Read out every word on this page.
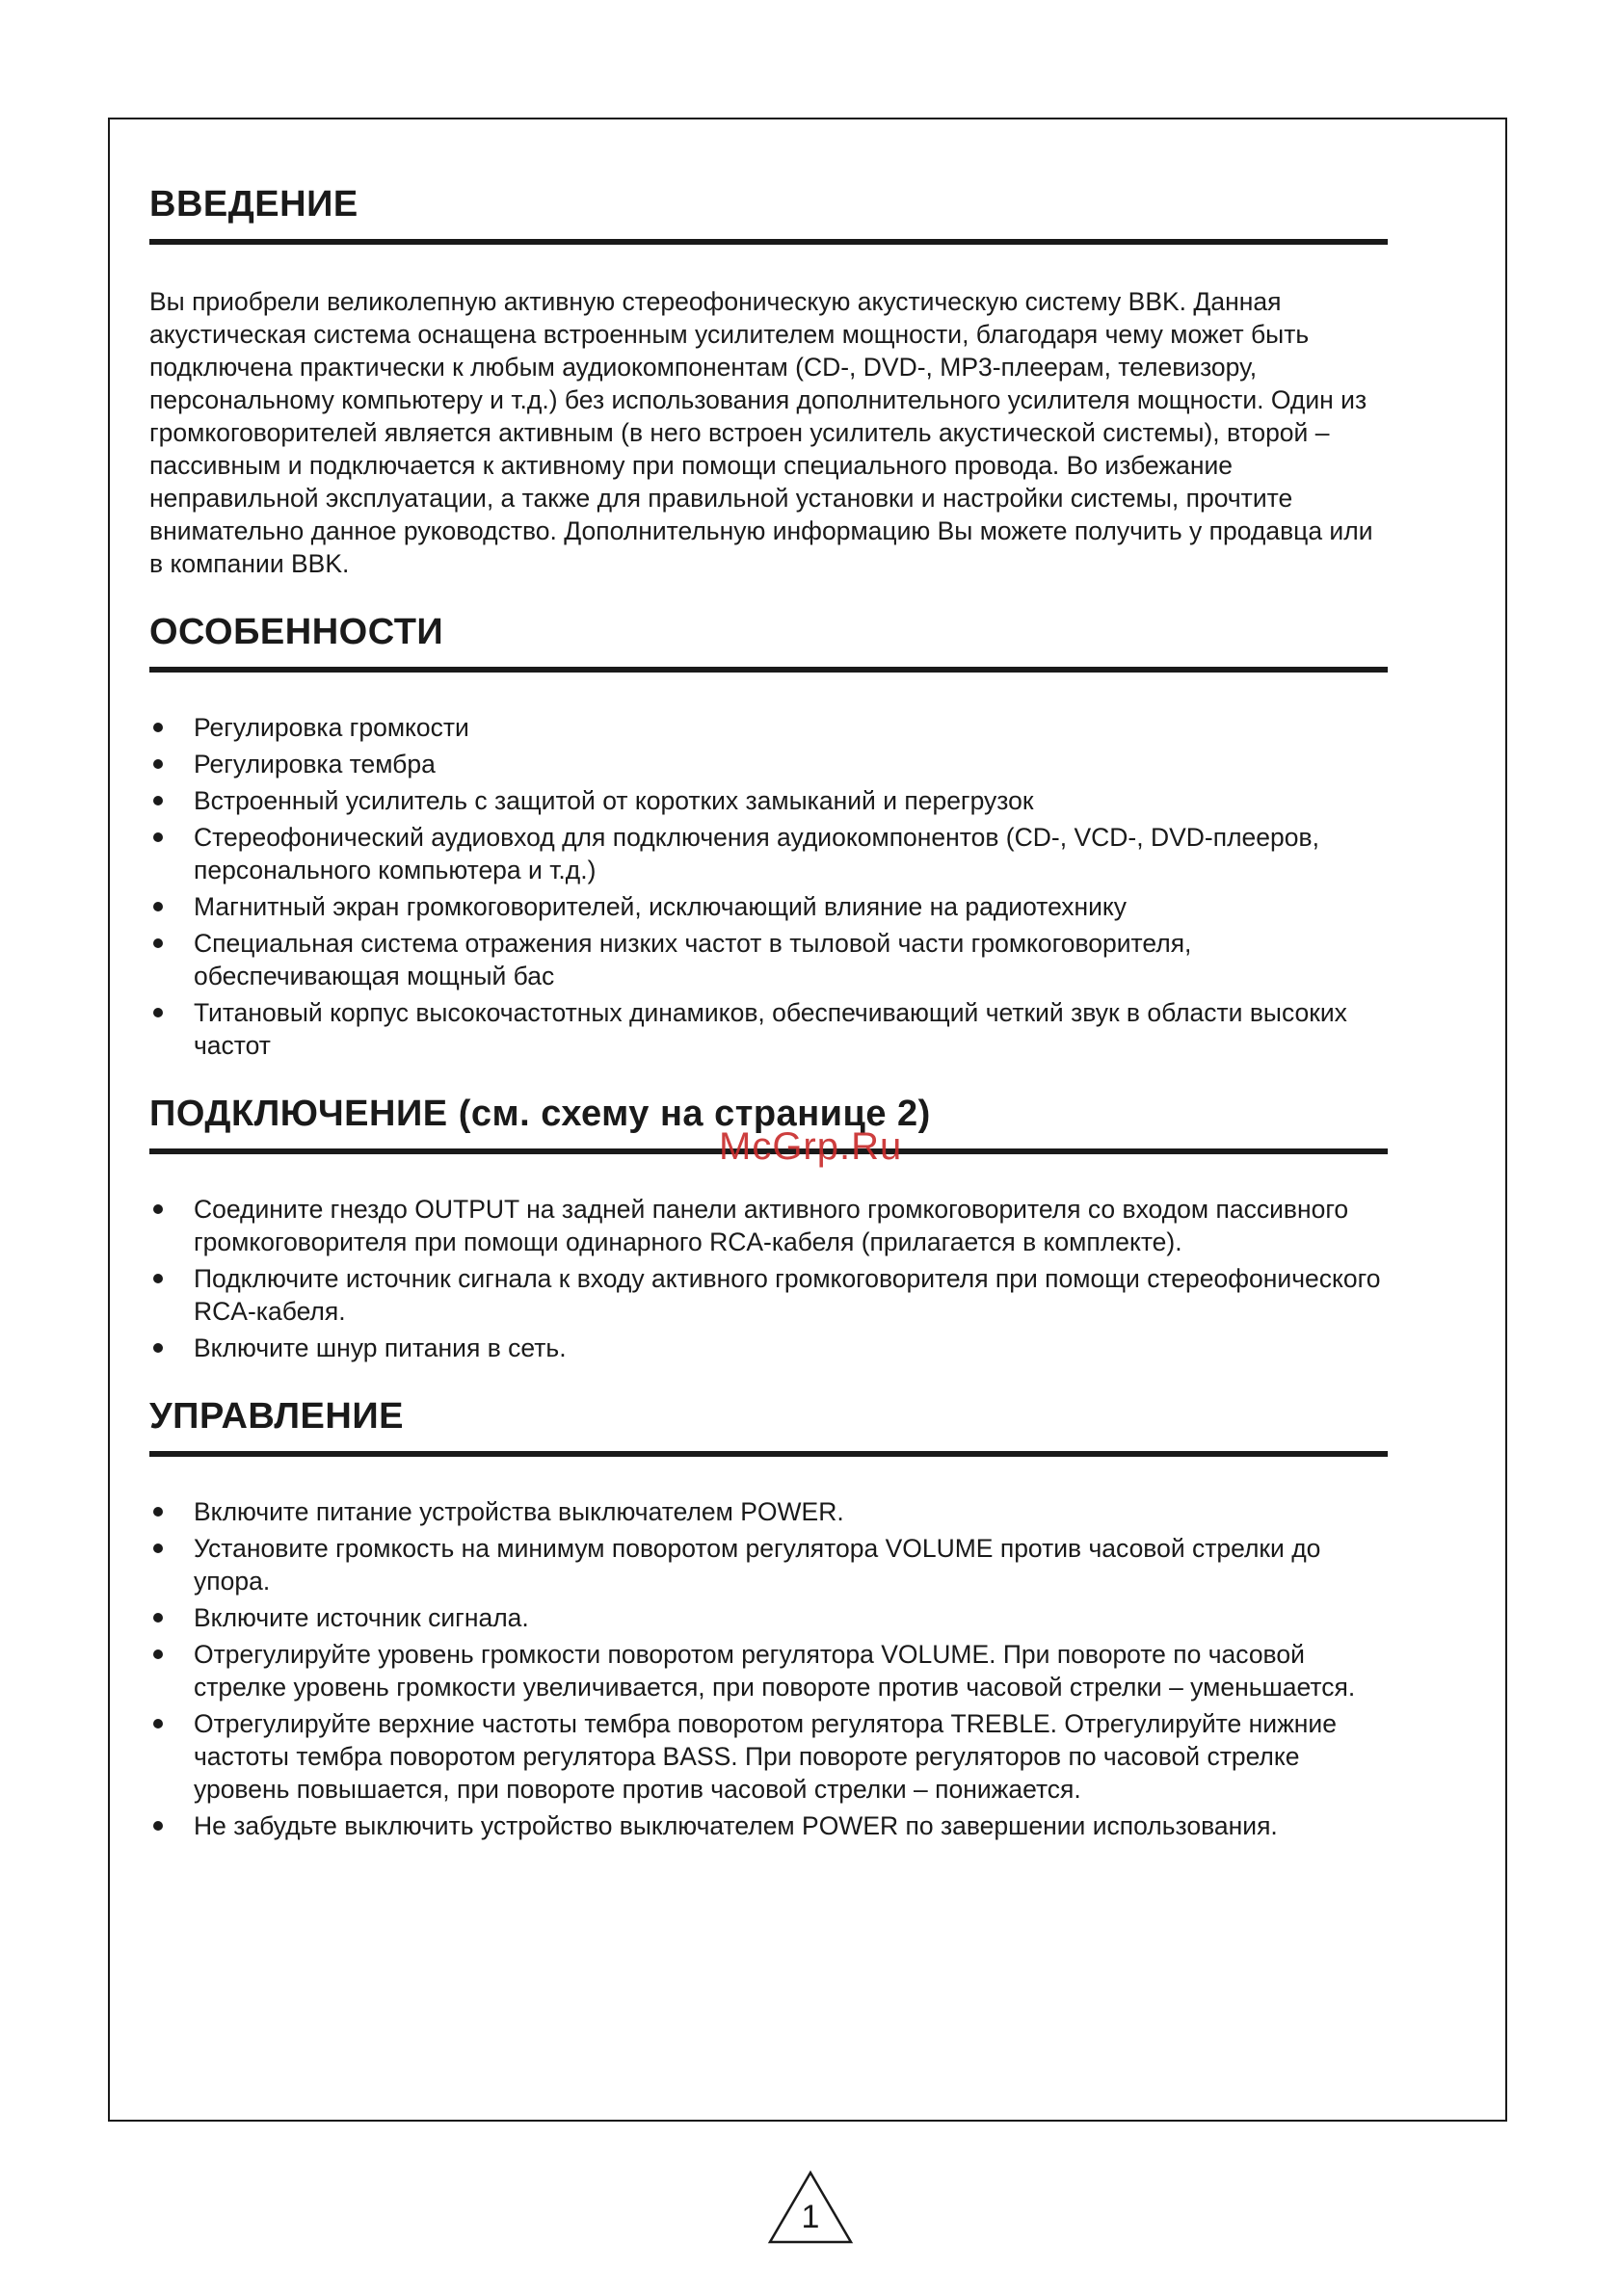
ВВЕДЕНИЕ

Вы приобрели великолепную активную стереофоническую акустическую систему BBK. Данная акустическая система оснащена встроенным усилителем мощности, благодаря чему может быть подключена практически к любым аудиокомпонентам (CD-, DVD-, MP3-плеерам, телевизору, персональному компьютеру и т.д.) без использования дополнительного усилителя мощности. Один из громкоговорителей является активным (в него встроен усилитель акустической системы), второй – пассивным и подключается к активному при помощи специального провода. Во избежание неправильной эксплуатации, а также для правильной установки и настройки системы, прочтите внимательно данное руководство. Дополнительную информацию Вы можете получить у продавца или в компании BBK.

ОСОБЕННОСТИ
Регулировка громкости
Регулировка тембра
Встроенный усилитель с защитой от коротких замыканий и перегрузок
Стереофонический аудиовход для подключения аудиокомпонентов (CD-, VCD-, DVD-плееров, персонального компьютера и т.д.)
Магнитный экран громкоговорителей, исключающий влияние на радиотехнику
Специальная система отражения низких частот в тыловой части громкоговорителя, обеспечивающая мощный бас
Титановый корпус высокочастотных динамиков, обеспечивающий четкий звук в области высоких частот
ПОДКЛЮЧЕНИЕ (см. схему на странице 2)
Соедините гнездо OUTPUT на задней панели активного громкоговорителя со входом пассивного громкоговорителя при помощи одинарного RCA-кабеля (прилагается в комплекте).
Подключите источник сигнала к входу активного громкоговорителя при помощи стереофонического RCA-кабеля.
Включите шнур питания в сеть.
УПРАВЛЕНИЕ
Включите питание устройства выключателем POWER.
Установите громкость на минимум поворотом регулятора VOLUME против часовой стрелки до упора.
Включите источник сигнала.
Отрегулируйте уровень громкости поворотом регулятора VOLUME. При повороте по часовой стрелке уровень громкости увеличивается, при повороте против часовой стрелки – уменьшается.
Отрегулируйте верхние частоты тембра поворотом регулятора TREBLE. Отрегулируйте нижние частоты тембра поворотом регулятора BASS. При повороте регуляторов по часовой стрелке уровень повышается, при повороте против часовой стрелки – понижается.
Не забудьте выключить устройство выключателем POWER по завершении использования.
McGrp.Ru
1
